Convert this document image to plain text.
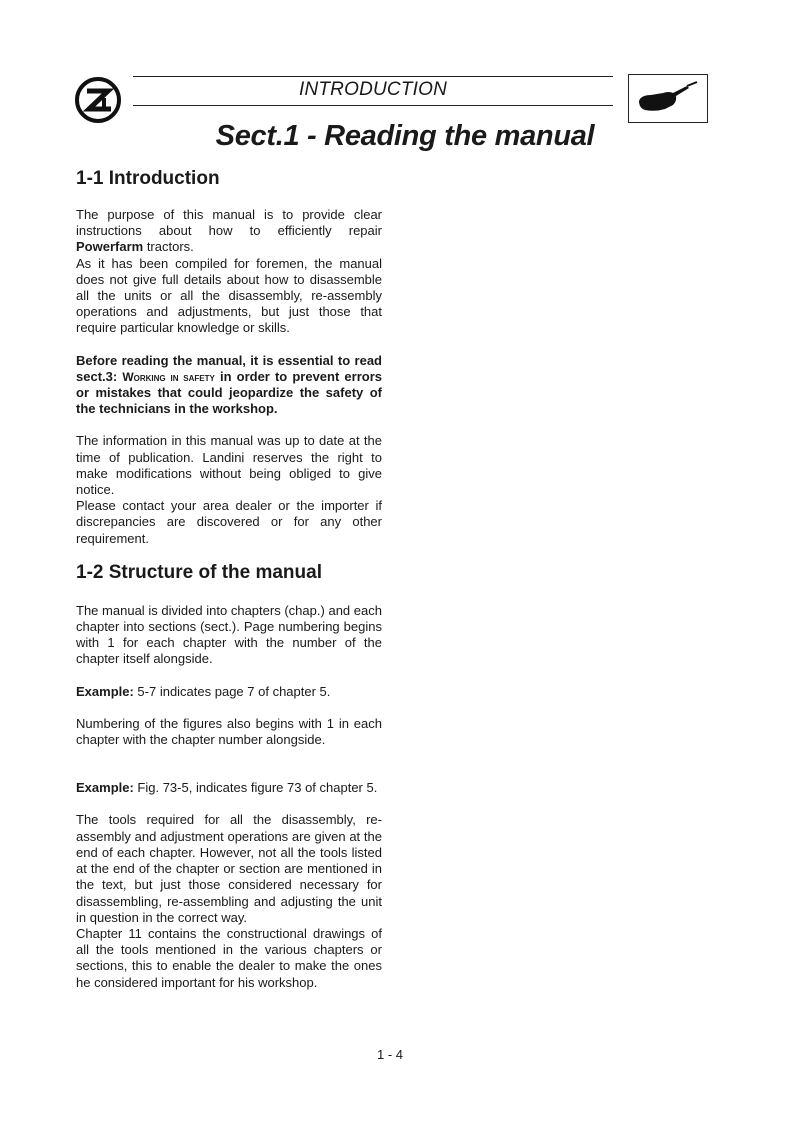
INTRODUCTION
Sect.1 - Reading the manual
1-1 Introduction

The purpose of this manual is to provide clear instructions about how to efficiently repair Powerfarm tractors.

As it has been compiled for foremen, the manual does not give full details about how to disassemble all the units or all the disassembly, re-assembly operations and adjustments, but just those that require particular knowledge or skills.

Before reading the manual, it is essential to read sect.3: Working in safety in order to prevent errors or mistakes that could jeopardize the safety of the technicians in the workshop.

The information in this manual was up to date at the time of publication. Landini reserves the right to make modifications without being obliged to give notice.

Please contact your area dealer or the importer if discrepancies are discovered or for any other requirement.

1-2 Structure of the manual

The manual is divided into chapters (chap.) and each chapter into sections (sect.). Page numbering begins with 1 for each chapter with the number of the chapter itself alongside.

Example: 5-7 indicates page 7 of chapter 5.

Numbering of the figures also begins with 1 in each chapter with the chapter number alongside.

Example: Fig. 73-5, indicates figure 73 of chapter 5.

The tools required for all the disassembly, re-assembly and adjustment operations are given at the end of each chapter. However, not all the tools listed at the end of the chapter or section are mentioned in the text, but just those considered necessary for disassembling, re-assembling and adjusting the unit in question in the correct way.

Chapter 11 contains the constructional drawings of all the tools mentioned in the various chapters or sections, this to enable the dealer to make the ones he considered important for his workshop.

1 - 4
